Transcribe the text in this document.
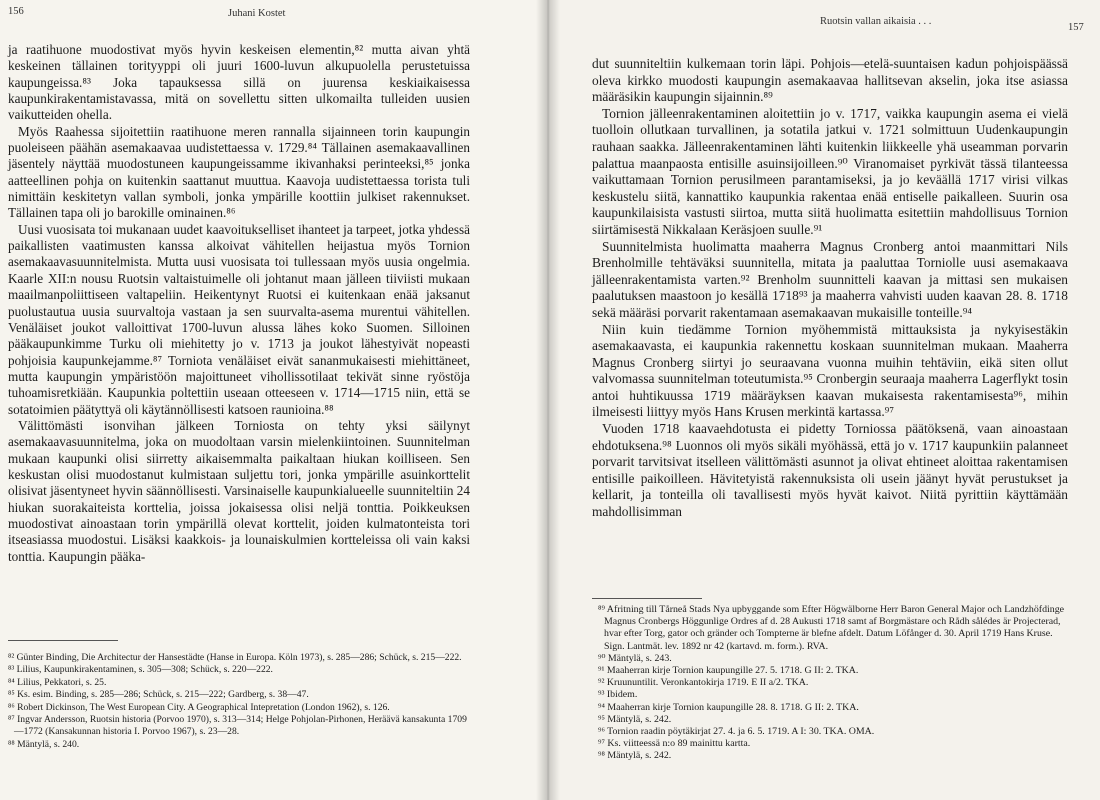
156	Juhani Kostet

ja raatihuone muodostivat myös hyvin keskeisen elementin,⁸² mutta aivan yhtä keskeinen tällainen torityyppi oli juuri 1600-luvun alkupuolella perustetuissa kaupungeissa.⁸³ Joka tapauksessa sillä on juurensa keskiaikaisessa kaupunkirakentamistavassa, mitä on sovellettu sitten ulkomailta tulleiden uusien vaikutteiden ohella.

Myös Raahessa sijoitettiin raatihuone meren rannalla sijainneen torin kaupungin puoleiseen päähän asemakaavaa uudistettaessa v. 1729.⁸⁴ Tällainen asemakaavallinen jäsentely näyttää muodostuneen kaupungeissamme ikivanhaksi perinteeksi,⁸⁵ jonka aatteellinen pohja on kuitenkin saattanut muuttua. Kaavoja uudistettaessa torista tuli nimittäin keskitetyn vallan symboli, jonka ympärille koottiin julkiset rakennukset. Tällainen tapa oli jo barokille ominainen.⁸⁶

Uusi vuosisata toi mukanaan uudet kaavoitukselliset ihanteet ja tarpeet, jotka yhdessä paikallisten vaatimusten kanssa alkoivat vähitellen heijastua myös Tornion asemakaavasuunnitelmista. Mutta uusi vuosisata toi tullessaan myös uusia ongelmia. Kaarle XII:n nousu Ruotsin valtaistuimelle oli johtanut maan jälleen tiiviisti mukaan maailmanpoliittiseen valtapeliin. Heikentynyt Ruotsi ei kuitenkaan enää jaksanut puolustautua uusia suurvaltoja vastaan ja sen suurvalta-asema murentui vähitellen. Venäläiset joukot valloittivat 1700-luvun alussa lähes koko Suomen. Silloinen pääkaupunkimme Turku oli miehitetty jo v. 1713 ja joukot lähestyivät nopeasti pohjoisia kaupunkejamme.⁸⁷ Torniota venäläiset eivät sananmukaisesti miehittäneet, mutta kaupungin ympäristöön majoittuneet vihollissotilaat tekivät sinne ryöstöja tuhoamisretkiään. Kaupunkia poltettiin useaan otteeseen v. 1714—1715 niin, että se sotatoimien päätyttyä oli käytännöllisesti katsoen raunioina.⁸⁸

Välittömästi isonvihan jälkeen Torniosta on tehty yksi säilynyt asemakaavasuunnitelma, joka on muodoltaan varsin mielenkiintoinen. Suunnitelman mukaan kaupunki olisi siirretty aikaisemmalta paikaltaan hiukan koilliseen. Sen keskustan olisi muodostanut kulmistaan suljettu tori, jonka ympärille asuinkorttelit olisivat jäsentyneet hyvin säännöllisesti. Varsinaiselle kaupunkialueelle suunniteltiin 24 hiukan suorakaiteista korttelia, joissa jokaisessa olisi neljä tonttia. Poikkeuksen muodostivat ainoastaan torin ympärillä olevat korttelit, joiden kulmatonteista tori itseasiassa muodostui. Lisäksi kaakkois- ja lounaiskulmien kortteleissa oli vain kaksi tonttia. Kaupungin pääka-

⁸² Günter Binding, Die Architectur der Hansestädte (Hanse in Europa. Köln 1973), s. 285—286; Schück, s. 215—222.

⁸³ Lilius, Kaupunkirakentaminen, s. 305—308; Schück, s. 220—222.

⁸⁴ Lilius, Pekkatori, s. 25.

⁸⁵ Ks. esim. Binding, s. 285—286; Schück, s. 215—222; Gardberg, s. 38—47.

⁸⁶ Robert Dickinson, The West European City. A Geographical Intepretation (London 1962), s. 126.

⁸⁷ Ingvar Andersson, Ruotsin historia (Porvoo 1970), s. 313—314; Helge Pohjolan-Pirhonen, Heräävä kansakunta 1709—1772 (Kansakunnan historia I. Porvoo 1967), s. 23—28.

⁸⁸ Mäntylä, s. 240.

Ruotsin vallan aikaisia . . .
157

dut suunniteltiin kulkemaan torin läpi. Pohjois—etelä-suuntaisen kadun pohjoispäässä oleva kirkko muodosti kaupungin asemakaavaa hallitsevan akselin, joka itse asiassa määräsikin kaupungin sijainnin.⁸⁹

Tornion jälleenrakentaminen aloitettiin jo v. 1717, vaikka kaupungin asema ei vielä tuolloin ollutkaan turvallinen, ja sotatila jatkui v. 1721 solmittuun Uudenkaupungin rauhaan saakka. Jälleenrakentaminen lähti kuitenkin liikkeelle yhä useamman porvarin palattua maanpaosta entisille asuinsijoilleen.⁹⁰ Viranomaiset pyrkivät tässä tilanteessa vaikuttamaan Tornion perusilmeen parantamiseksi, ja jo keväällä 1717 virisi vilkas keskustelu siitä, kannattiko kaupunkia rakentaa enää entiselle paikalleen. Suurin osa kaupunkilaisista vastusti siirtoa, mutta siitä huolimatta esitettiin mahdollisuus Tornion siirtämisestä Nikkalaan Keräsjoen suulle.⁹¹

Suunnitelmista huolimatta maaherra Magnus Cronberg antoi maanmittari Nils Brenholmille tehtäväksi suunnitella, mitata ja paaluttaa Torniolle uusi asemakaava jälleenrakentamista varten.⁹² Brenholm suunnitteli kaavan ja mittasi sen mukaisen paalutuksen maastoon jo kesällä 1718⁹³ ja maaherra vahvisti uuden kaavan 28. 8. 1718 sekä määräsi porvarit rakentamaan asemakaavan mukaisille tonteille.⁹⁴

Niin kuin tiedämme Tornion myöhemmistä mittauksista ja nykyisestäkin asemakaavasta, ei kaupunkia rakennettu koskaan suunnitelman mukaan. Maaherra Magnus Cronberg siirtyi jo seuraavana vuonna muihin tehtäviin, eikä siten ollut valvomassa suunnitelman toteutumista.⁹⁵ Cronbergin seuraaja maaherra Lagerflykt tosin antoi huhtikuussa 1719 määräyksen kaavan mukaisesta rakentamisesta⁹⁶, mihin ilmeisesti liittyy myös Hans Krusen merkintä kartassa.⁹⁷

Vuoden 1718 kaavaehdotusta ei pidetty Torniossa päätöksenä, vaan ainoastaan ehdotuksena.⁹⁸ Luonnos oli myös sikäli myöhässä, että jo v. 1717 kaupunkiin palanneet porvarit tarvitsivat itselleen välittömästi asunnot ja olivat ehtineet aloittaa rakentamisen entisille paikoilleen. Hävitetyistä rakennuksista oli usein jäänyt hyvät perustukset ja kellarit, ja tonteilla oli tavallisesti myös hyvät kaivot. Niitä pyrittiin käyttämään mahdollisimman

⁸⁹ Afritning till Tårneå Stads Nya upbyggande som Efter Högwälborne Herr Baron General Major och Landzhöfdinge Magnus Cronbergs Höggunlige Ordres af d. 28 Aukusti 1718 samt af Borgmästare och Rådh sålédes är Projecterad, hvar efter Torg, gator och gränder och Tompterne är blefne afdelt. Datum Löfånger d. 30. April 1719 Hans Kruse. Sign. Lantmät. lev. 1892 nr 42 (kartavd. m. form.). RVA.

⁹⁰ Mäntylä, s. 243.

⁹¹ Maaherran kirje Tornion kaupungille 27. 5. 1718. G II: 2. TKA.

⁹² Kruununtilit. Veronkantokirja 1719. E II a/2. TKA.

⁹³ Ibidem.

⁹⁴ Maaherran kirje Tornion kaupungille 28. 8. 1718. G II: 2. TKA.

⁹⁵ Mäntylä, s. 242.

⁹⁶ Tornion raadin pöytäkirjat 27. 4. ja 6. 5. 1719. A I: 30. TKA. OMA.

⁹⁷ Ks. viitteessä n:o 89 mainittu kartta.

⁹⁸ Mäntylä, s. 242.
